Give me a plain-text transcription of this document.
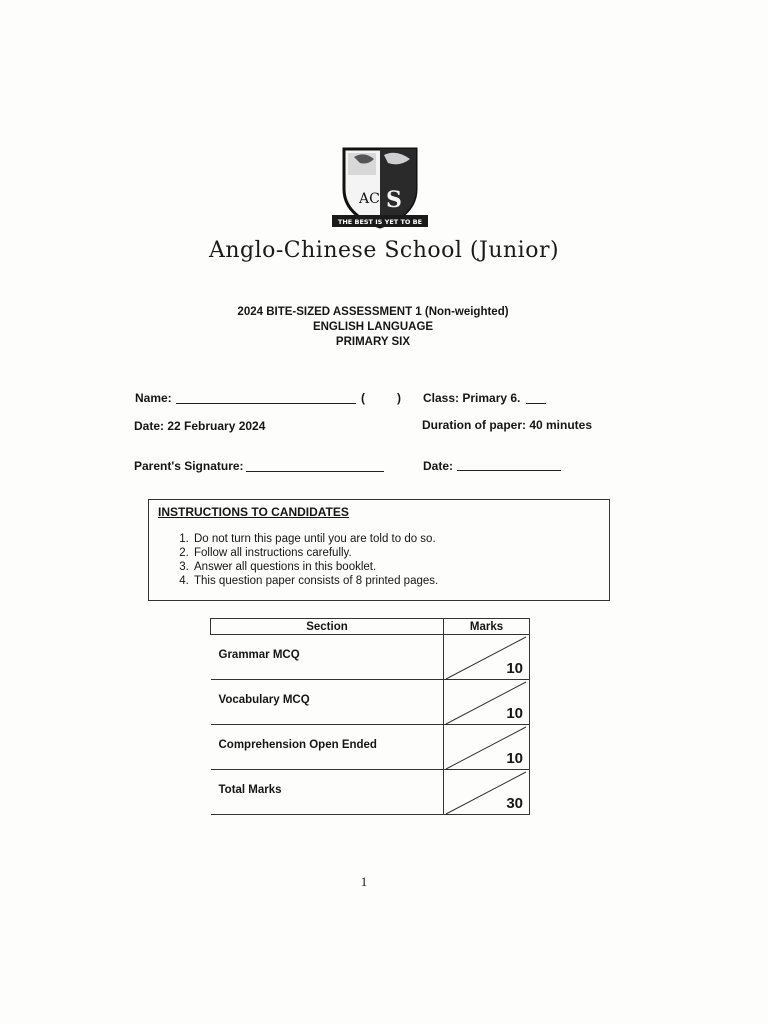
AC S
THE BEST IS YET TO BE
Anglo-Chinese School (Junior)
2024 BITE-SIZED ASSESSMENT 1 (Non-weighted)
ENGLISH LANGUAGE
PRIMARY SIX
Name:	(	) Class: Primary 6.
Date: 22 February 2024	Duration of paper: 40 minutes
Parent's Signature:	Date:
INSTRUCTIONS TO CANDIDATES
1. Do not turn this page until you are told to do so.
2. Follow all instructions carefully.
3. Answer all questions in this booklet.
4. This question paper consists of 8 printed pages.
Section	Marks

Grammar MCQ	10

Vocabulary MCQ	10

Comprehension Open Ended	10

Total Marks	30
1
